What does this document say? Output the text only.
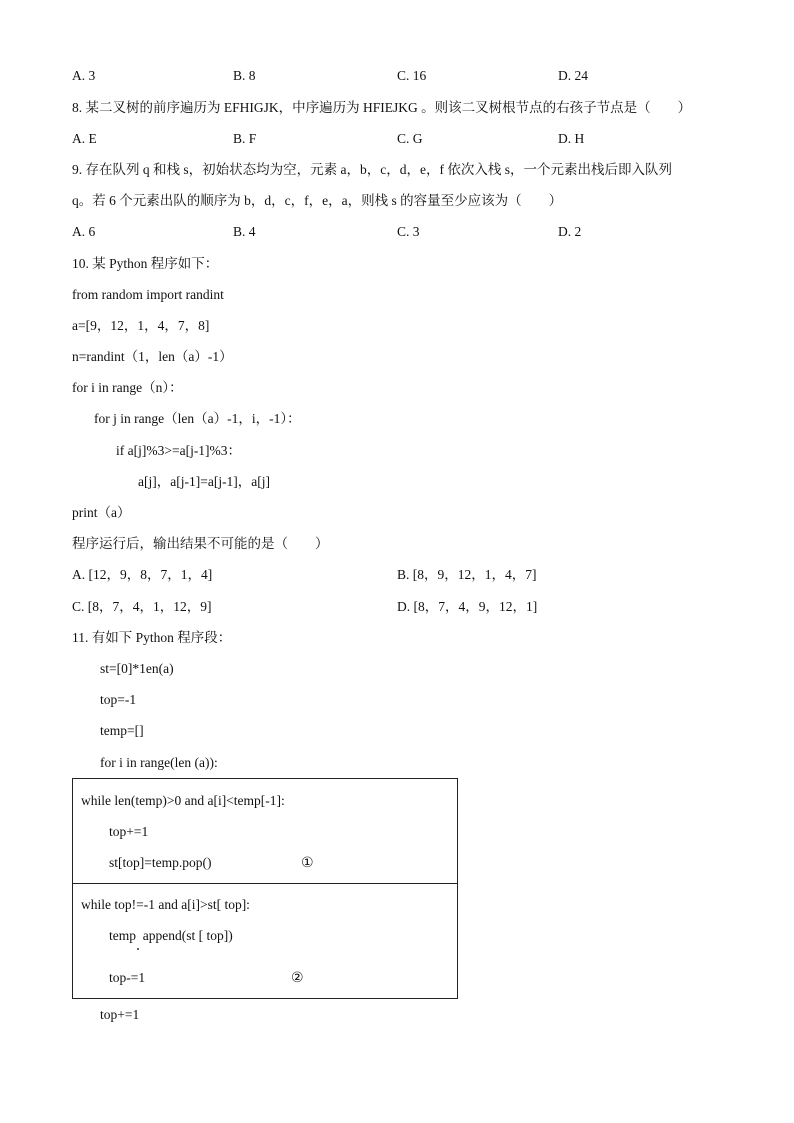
A. 3	B. 8	C. 16	D. 24
8. 某二叉树的前序遍历为 EFHIGJK，中序遍历为 HFIEJKG 。则该二叉树根节点的右孩子节点是（　　）
A. E	B. F	C. G	D. H
9. 存在队列 q 和栈 s，初始状态均为空，元素 a，b，c，d，e，f 依次入栈 s，一个元素出栈后即入队列
q。若 6 个元素出队的顺序为 b，d，c，f，e，a，则栈 s 的容量至少应该为（　　）
A. 6	B. 4	C. 3	D. 2
10. 某 Python 程序如下：
from random import randint
a=[9，12，1，4，7，8]
n=randint（1，len（a）-1）
for i in range（n）：
for j in range（len（a）-1，i，-1）：
if a[j]%3>=a[j-1]%3：
a[j]，a[j-1]=a[j-1]，a[j]
print（a）
程序运行后，输出结果不可能的是（　　）
A. [12，9，8，7，1，4]	B. [8，9，12，1，4，7]
C. [8，7，4，1，12，9]	D. [8，7，4，9，12，1]
11. 有如下 Python 程序段：
st=[0]*1en(a)
top=-1
temp=[]
for i in range(len (a)):
while len(temp)>0 and a[i]<temp[-1]:
top+=1
st[top]=temp.pop()	①
while top!=-1 and a[i]>st[ top]:
temp  append(st [ top])
top-=1	②
top+=1
